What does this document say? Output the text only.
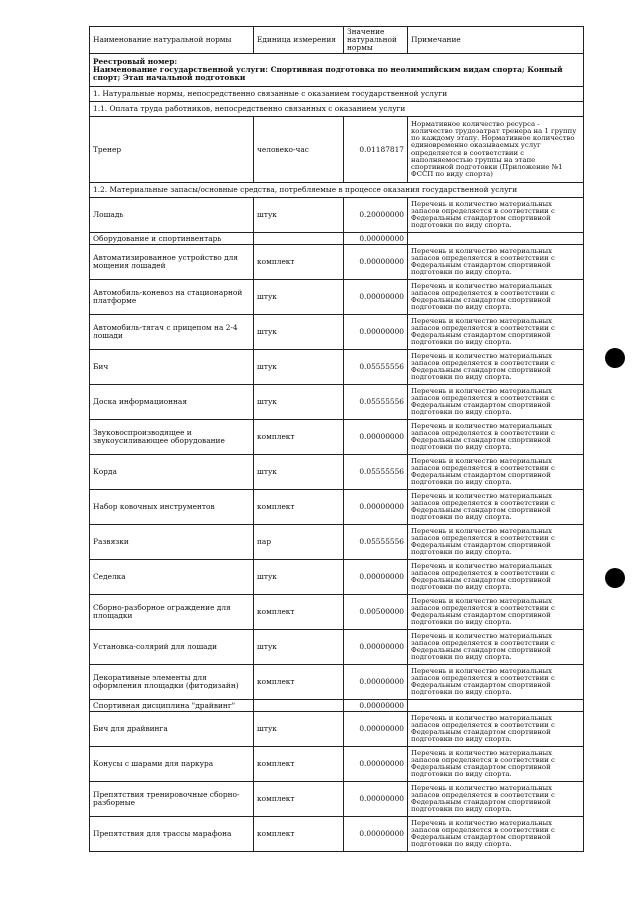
Наименование натуральной нормы	Единица измерения	Значение натуральной нормы	Примечание

Реестровый номер:
Наименование государственной услуги: Спортивная подготовка по неолимпийским видам спорта; Конный спорт; Этап начальной подготовки			

1. Натуральные нормы, непосредственно связанные с оказанием государственной услуги			
1.1. Оплата труда работников, непосредственно связанных с оказанием услуги			
Тренер	человеко-час	0.01187817	Нормативное количество ресурса - количество трудозатрат тренера на 1 группу по каждому этапу. Нормативное количество единовременно оказываемых услуг определяется в соответствии с наполняемостью группы на этапе спортивной подготовки (Приложение №1 ФССП по виду спорта)
1.2. Материальные запасы/основные средства, потребляемые в процессе оказания государственной услуги			
Лошадь	штук	0.20000000	Перечень и количество материальных запасов определяется в соответствии с Федеральным стандартом спортивной подготовки по виду спорта.
Оборудование и спортинвентарь		0.00000000	
Автоматизированное устройство для мощения лошадей	комплект	0.00000000	Перечень и количество материальных запасов определяется в соответствии с Федеральным стандартом спортивной подготовки по виду спорта.
Автомобиль-коневоз на стационарной платформе	штук	0.00000000	Перечень и количество материальных запасов определяется в соответствии с Федеральным стандартом спортивной подготовки по виду спорта.
Автомобиль-тягач с прицепом на 2-4 лошади	штук	0.00000000	Перечень и количество материальных запасов определяется в соответствии с Федеральным стандартом спортивной подготовки по виду спорта.
Бич	штук	0.05555556	Перечень и количество материальных запасов определяется в соответствии с Федеральным стандартом спортивной подготовки по виду спорта.
Доска информационная	штук	0.05555556	Перечень и количество материальных запасов определяется в соответствии с Федеральным стандартом спортивной подготовки по виду спорта.
Звуковоспроизводящее и звукоусиливающее оборудование	комплект	0.00000000	Перечень и количество материальных запасов определяется в соответствии с Федеральным стандартом спортивной подготовки по виду спорта.
Корда	штук	0.05555556	Перечень и количество материальных запасов определяется в соответствии с Федеральным стандартом спортивной подготовки по виду спорта.
Набор ковочных инструментов	комплект	0.00000000	Перечень и количество материальных запасов определяется в соответствии с Федеральным стандартом спортивной подготовки по виду спорта.
Развязки	пар	0.05555556	Перечень и количество материальных запасов определяется в соответствии с Федеральным стандартом спортивной подготовки по виду спорта.
Седелка	штук	0.00000000	Перечень и количество материальных запасов определяется в соответствии с Федеральным стандартом спортивной подготовки по виду спорта.
Сборно-разборное ограждение для площадки	комплект	0.00500000	Перечень и количество материальных запасов определяется в соответствии с Федеральным стандартом спортивной подготовки по виду спорта.
Установка-солярий для лошади	штук	0.00000000	Перечень и количество материальных запасов определяется в соответствии с Федеральным стандартом спортивной подготовки по виду спорта.
Декоративные элементы для оформления площадки (фитодизайн)	комплект	0.00000000	Перечень и количество материальных запасов определяется в соответствии с Федеральным стандартом спортивной подготовки по виду спорта.
Спортивная дисциплина "драйвинг"		0.00000000	
Бич для драйвинга	штук	0.00000000	Перечень и количество материальных запасов определяется в соответствии с Федеральным стандартом спортивной подготовки по виду спорта.
Конусы с шарами для паркура	комплект	0.00000000	Перечень и количество материальных запасов определяется в соответствии с Федеральным стандартом спортивной подготовки по виду спорта.
Препятствия тренировочные сборно-разборные	комплект	0.00000000	Перечень и количество материальных запасов определяется в соответствии с Федеральным стандартом спортивной подготовки по виду спорта.
Препятствия для трассы марафона	комплект	0.00000000	Перечень и количество материальных запасов определяется в соответствии с Федеральным стандартом спортивной подготовки по виду спорта.
